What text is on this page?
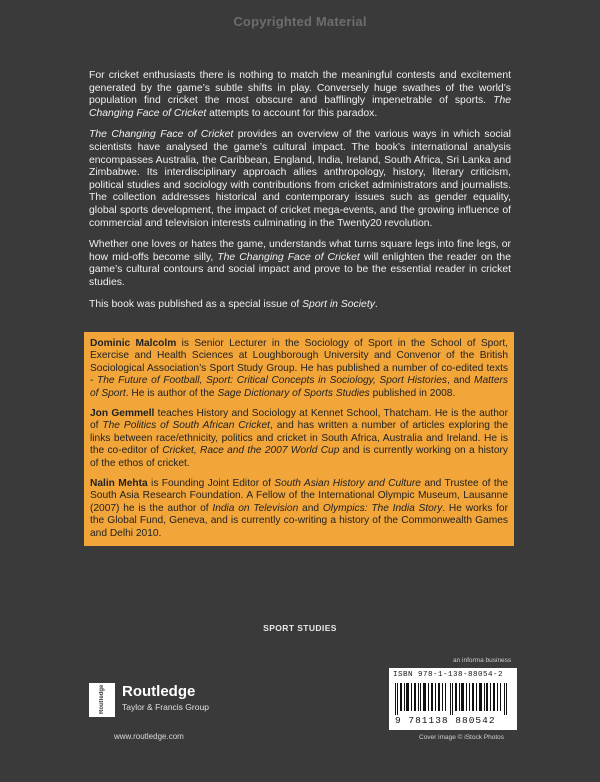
Copyrighted Material

For cricket enthusiasts there is nothing to match the meaningful contests and excitement generated by the game’s subtle shifts in play. Conversely huge swathes of the world’s population find cricket the most obscure and bafflingly impenetrable of sports. The Changing Face of Cricket attempts to account for this paradox.

The Changing Face of Cricket provides an overview of the various ways in which social scientists have analysed the game’s cultural impact. The book’s international analysis encompasses Australia, the Caribbean, England, India, Ireland, South Africa, Sri Lanka and Zimbabwe. Its interdisciplinary approach allies anthropology, history, literary criticism, political studies and sociology with contributions from cricket administrators and journalists. The collection addresses historical and contemporary issues such as gender equality, global sports development, the impact of cricket mega-events, and the growing influence of commercial and television interests culminating in the Twenty20 revolution.

Whether one loves or hates the game, understands what turns square legs into fine legs, or how mid-offs become silly, The Changing Face of Cricket will enlighten the reader on the game’s cultural contours and social impact and prove to be the essential reader in cricket studies.

This book was published as a special issue of Sport in Society.

Dominic Malcolm is Senior Lecturer in the Sociology of Sport in the School of Sport, Exercise and Health Sciences at Loughborough University and Convenor of the British Sociological Association’s Sport Study Group. He has published a number of co-edited texts - The Future of Football, Sport: Critical Concepts in Sociology, Sport Histories, and Matters of Sport. He is author of the Sage Dictionary of Sports Studies published in 2008.

Jon Gemmell teaches History and Sociology at Kennet School, Thatcham. He is the author of The Politics of South African Cricket, and has written a number of articles exploring the links between race/ethnicity, politics and cricket in South Africa, Australia and Ireland. He is the co-editor of Cricket, Race and the 2007 World Cup and is currently working on a history of the ethos of cricket.

Nalin Mehta is Founding Joint Editor of South Asian History and Culture and Trustee of the South Asia Research Foundation. A Fellow of the International Olympic Museum, Lausanne (2007) he is the author of India on Television and Olympics: The India Story. He works for the Global Fund, Geneva, and is currently co-writing a history of the Commonwealth Games and Delhi 2010.

SPORT STUDIES
Routledge	Routledge
Taylor & Francis Group
www.routledge.com
an informa business
ISBN 978-1-138-88054-2
9 781138 880542
Cover image © iStock Photos
